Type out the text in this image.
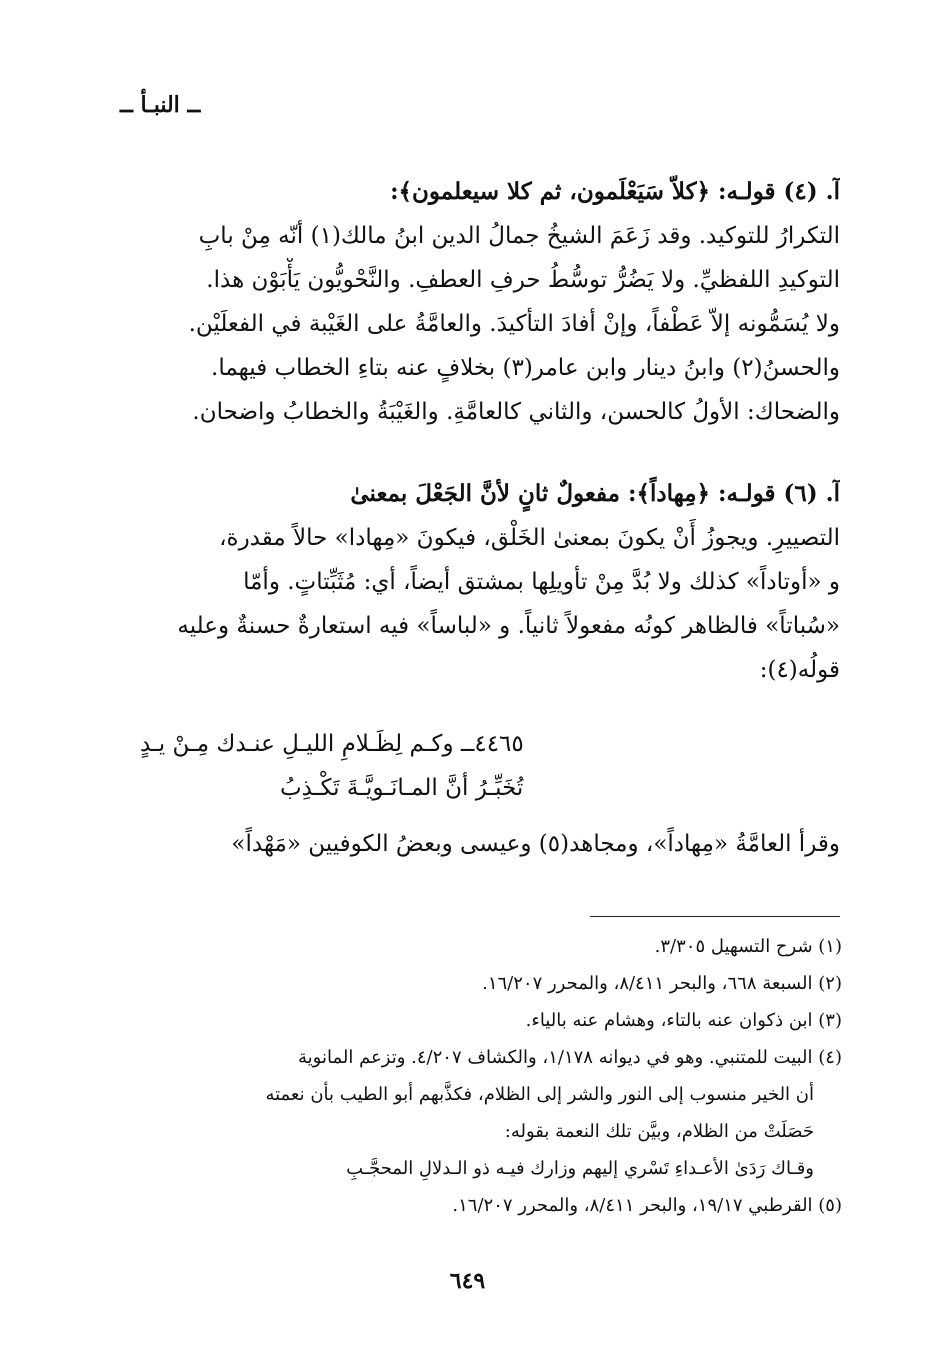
ــ النبـأ ــ
آ. (٤) قولـه: ﴿كلاّ سَيَعْلَمون، ثم كلا سيعلمون﴾:
التكرارُ للتوكيد. وقد زَعَمَ الشيخُ جمالُ الدين ابنُ مالك(١) أنّه مِنْ بابِ
التوكيدِ اللفظيِّ. ولا يَضُرُّ توسُّطُ حرفِ العطفِ. والنَّحْويُّون يَأْبَوْن هذا.
ولا يُسَمُّونه إلاّ عَطْفاً، وإنْ أفادَ التأكيدَ. والعامَّةُ على الغَيْبة في الفعلَيْن.
والحسنُ(٢) وابنُ دينار وابن عامر(٣) بخلافٍ عنه بتاءِ الخطاب فيهما.
والضحاك: الأولُ كالحسن، والثاني كالعامَّةِ. والغَيْبَةُ والخطابُ واضحان.
آ. (٦) قولـه: ﴿مِهاداً﴾: مفعولٌ ثانٍ لأنَّ الجَعْلَ بمعنىٰ
التصييرِ. ويجوزُ أَنْ يكونَ بمعنىٰ الخَلْق، فيكونَ «مِهادا» حالاً مقدرة،
و «أوتاداً» كذلك ولا بُدَّ مِنْ تأويلِها بمشتق أيضاً، أي: مُثَبِّتاتٍ. وأمّا
«سُباتاً» فالظاهر كونُه مفعولاً ثانياً. و «لباساً» فيه استعارةٌ حسنةٌ وعليه
قولُه(٤):
٤٤٦٥ــ وكـم لِظَـلامِ الليـلِ عنـدك مِـنْ يـدٍ
تُخَبِّـرُ أنَّ المـانَـويَّـةَ تَكْـذِبُ
وقرأ العامَّةُ «مِهاداً»، ومجاهد(٥) وعيسى وبعضُ الكوفيين «مَهْداً»
(١) شرح التسهيل ٣/٣٠٥.
(٢) السبعة ٦٦٨، والبحر ٨/٤١١، والمحرر ١٦/٢٠٧.
(٣) ابن ذكوان عنه بالتاء، وهشام عنه بالياء.
(٤) البيت للمتنبي. وهو في ديوانه ١/١٧٨، والكشاف ٤/٢٠٧. وتزعم المانوية
أن الخير منسوب إلى النور والشر إلى الظلام، فكذَّبهم أبو الطيب بأن نعمته
حَصَلَتْ من الظلام، وبيَّن تلك النعمة بقوله:
وقـاك رَدَىٰ الأعـداءِ تَسْري إليهم وزارك فيـه ذو الـدلالِ المحجَّـبِ
(٥) القرطبي ١٩/١٧، والبحر ٨/٤١١، والمحرر ١٦/٢٠٧.
٦٤٩
